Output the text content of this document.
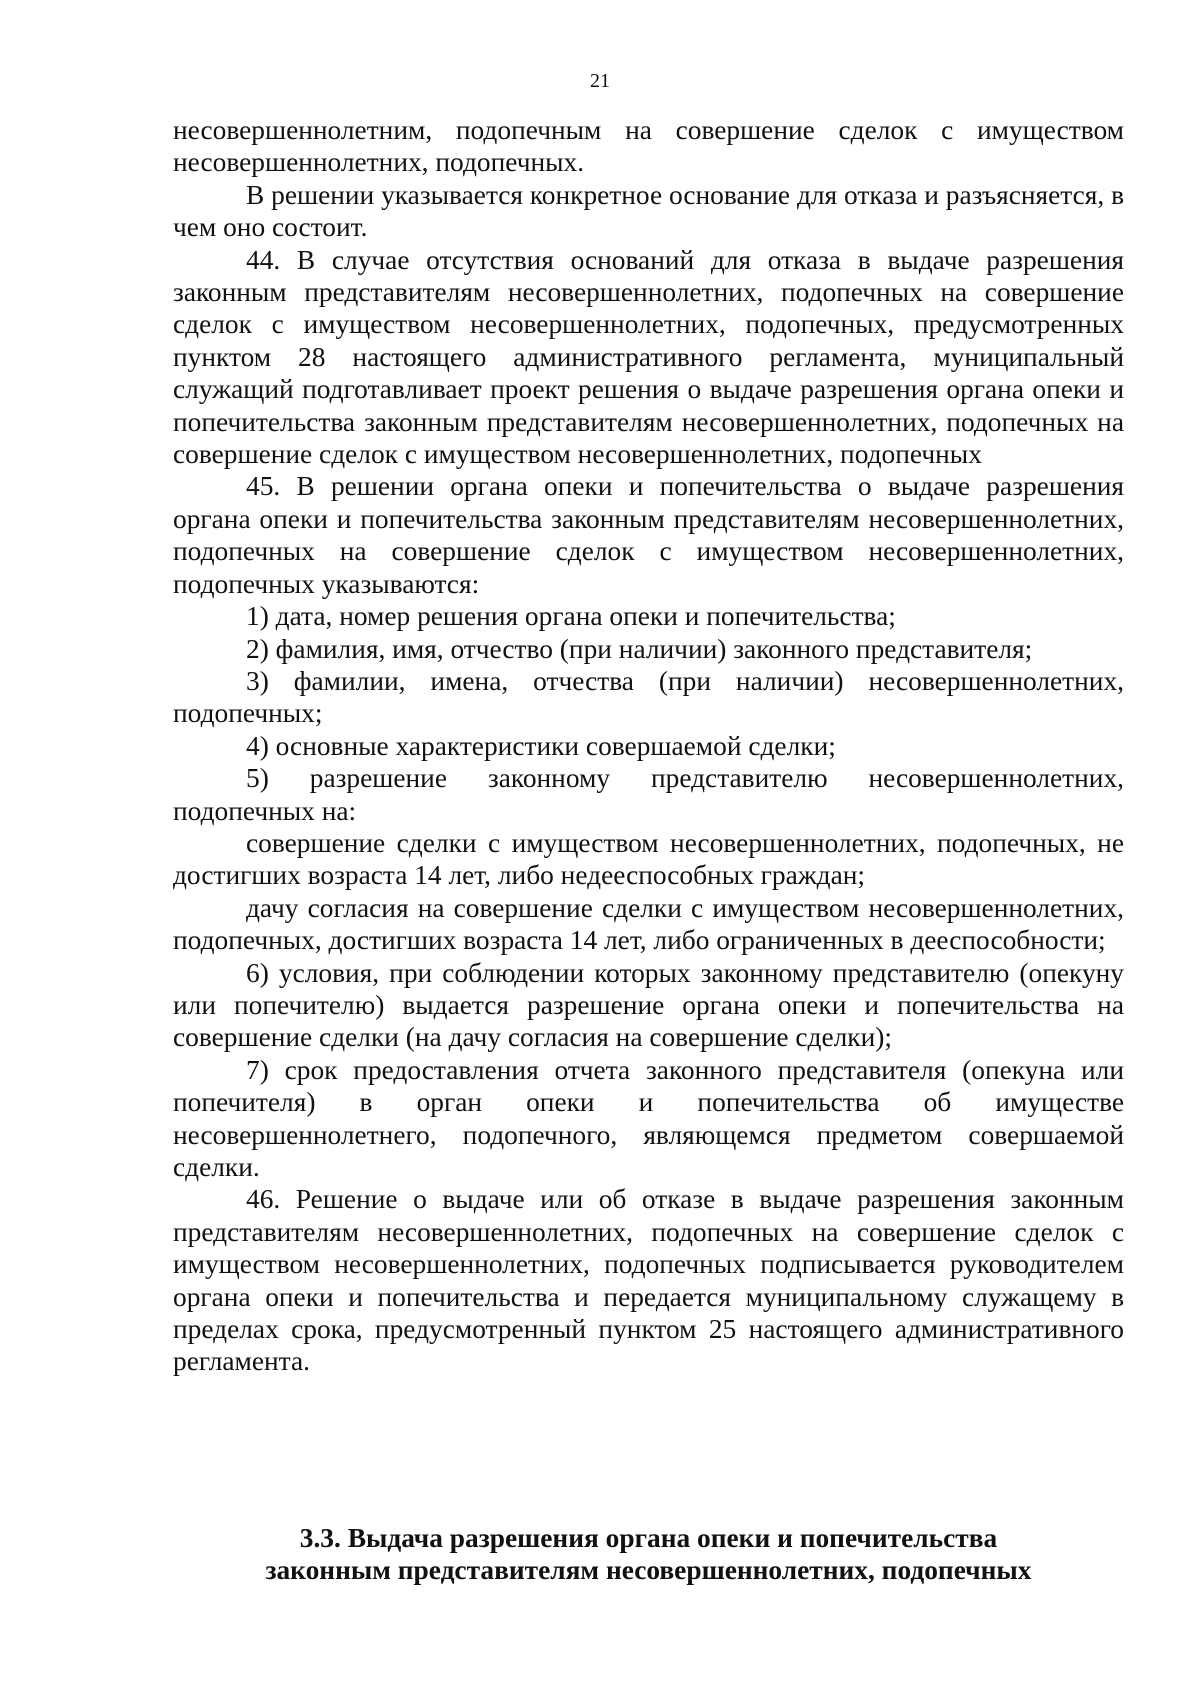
21

несовершеннолетним, подопечным на совершение сделок с имуществом несовершеннолетних, подопечных.

В решении указывается конкретное основание для отказа и разъясняется, в чем оно состоит.

44. В случае отсутствия оснований для отказа в выдаче разрешения законным представителям несовершеннолетних, подопечных на совершение сделок с имуществом несовершеннолетних, подопечных, предусмотренных пунктом 28 настоящего административного регламента, муниципальный служащий подготавливает проект решения о выдаче разрешения органа опеки и попечительства законным представителям несовершеннолетних, подопечных на совершение сделок с имуществом несовершеннолетних, подопечных

45. В решении органа опеки и попечительства о выдаче разрешения органа опеки и попечительства законным представителям несовершеннолетних, подопечных на совершение сделок с имуществом несовершеннолетних, подопечных указываются:

1) дата, номер решения органа опеки и попечительства;

2) фамилия, имя, отчество (при наличии) законного представителя;

3) фамилии, имена, отчества (при наличии) несовершеннолетних, подопечных;

4) основные характеристики совершаемой сделки;

5) разрешение законному представителю несовершеннолетних, подопечных на:

совершение сделки с имуществом несовершеннолетних, подопечных, не достигших возраста 14 лет, либо недееспособных граждан;

дачу согласия на совершение сделки с имуществом несовершеннолетних, подопечных, достигших возраста 14 лет, либо ограниченных в дееспособности;

6) условия, при соблюдении которых законному представителю (опекуну или попечителю) выдается разрешение органа опеки и попечительства на совершение сделки (на дачу согласия на совершение сделки);

7) срок предоставления отчета законного представителя (опекуна или попечителя) в орган опеки и попечительства об имуществе несовершеннолетнего, подопечного, являющемся предметом совершаемой сделки.

46. Решение о выдаче или об отказе в выдаче разрешения законным представителям несовершеннолетних, подопечных на совершение сделок с имуществом несовершеннолетних, подопечных подписывается руководителем органа опеки и попечительства и передается муниципальному служащему в пределах срока, предусмотренный пунктом 25 настоящего административного регламента.

3.3. Выдача разрешения органа опеки и попечительства
законным представителям несовершеннолетних, подопечных
